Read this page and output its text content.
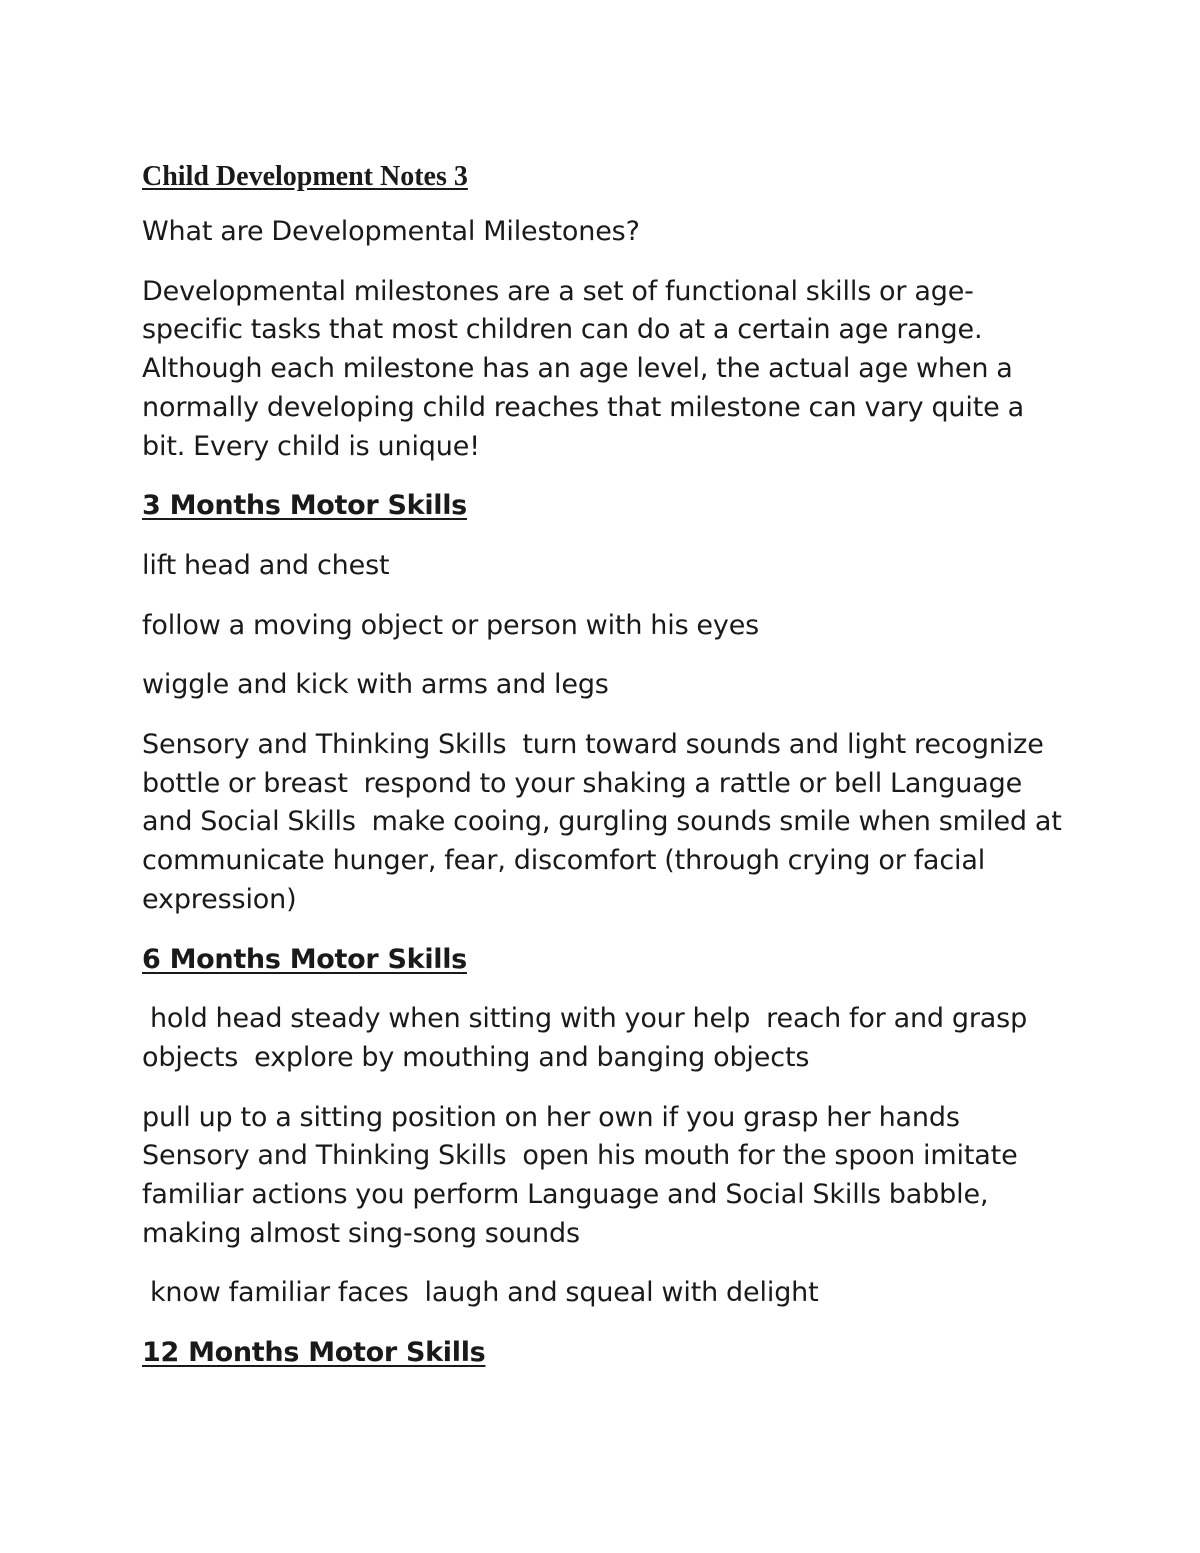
Child Development Notes 3

What are Developmental Milestones?

Developmental milestones are a set of functional skills or age-specific tasks that most children can do at a certain age range. Although each milestone has an age level, the actual age when a normally developing child reaches that milestone can vary quite a bit. Every child is unique!

3 Months Motor Skills

lift head and chest

follow a moving object or person with his eyes

wiggle and kick with arms and legs

Sensory and Thinking Skills  turn toward sounds and light recognize bottle or breast  respond to your shaking a rattle or bell Language and Social Skills  make cooing, gurgling sounds smile when smiled at  communicate hunger, fear, discomfort (through crying or facial expression)

6 Months Motor Skills

hold head steady when sitting with your help  reach for and grasp objects  explore by mouthing and banging objects

pull up to a sitting position on her own if you grasp her hands Sensory and Thinking Skills  open his mouth for the spoon imitate familiar actions you perform Language and Social Skills babble, making almost sing-song sounds

know familiar faces  laugh and squeal with delight

12 Months Motor Skills
